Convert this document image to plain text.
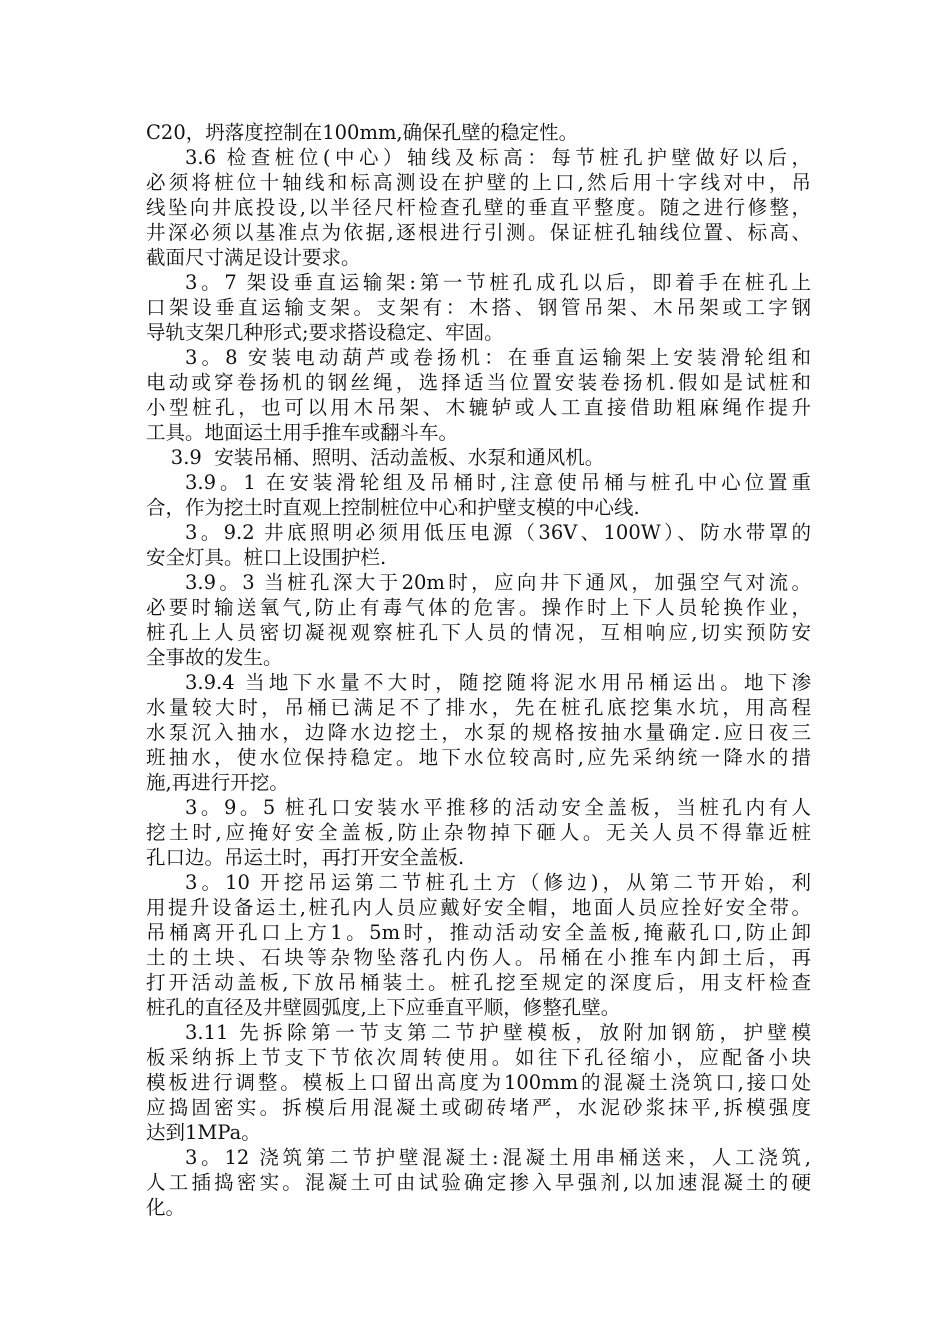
C20，坍落度控制在100mm,确保孔壁的稳定性。
3.6 检查桩位(中心）轴线及标高：每节桩孔护壁做好以后，
必须将桩位十轴线和标高测设在护壁的上口,然后用十字线对中，吊
线坠向井底投设,以半径尺杆检查孔壁的垂直平整度。随之进行修整，
井深必须以基准点为依据,逐根进行引测。保证桩孔轴线位置、标高、
截面尺寸满足设计要求。
3。7 架设垂直运输架:第一节桩孔成孔以后，即着手在桩孔上
口架设垂直运输支架。支架有：木搭、钢管吊架、木吊架或工字钢
导轨支架几种形式;要求搭设稳定、牢固。
3。8 安装电动葫芦或卷扬机：在垂直运输架上安装滑轮组和
电动或穿卷扬机的钢丝绳，选择适当位置安装卷扬机.假如是试桩和
小型桩孔，也可以用木吊架、木辘轳或人工直接借助粗麻绳作提升
工具。地面运土用手推车或翻斗车。
3.9  安装吊桶、照明、活动盖板、水泵和通风机。
3.9。1 在安装滑轮组及吊桶时,注意使吊桶与桩孔中心位置重
合，作为挖土时直观上控制桩位中心和护壁支模的中心线.
3。9.2 井底照明必须用低压电源（36V、100W）、防水带罩的
安全灯具。桩口上设围护栏.
3.9。3 当桩孔深大于20m时，应向井下通风，加强空气对流。
必要时输送氧气,防止有毒气体的危害。操作时上下人员轮换作业，
桩孔上人员密切凝视观察桩孔下人员的情况，互相响应,切实预防安
全事故的发生。
3.9.4 当地下水量不大时，随挖随将泥水用吊桶运出。地下渗
水量较大时，吊桶已满足不了排水，先在桩孔底挖集水坑，用高程
水泵沉入抽水，边降水边挖土，水泵的规格按抽水量确定.应日夜三
班抽水，使水位保持稳定。地下水位较高时,应先采纳统一降水的措
施,再进行开挖。
3。9。5 桩孔口安装水平推移的活动安全盖板，当桩孔内有人
挖土时,应掩好安全盖板,防止杂物掉下砸人。无关人员不得靠近桩
孔口边。吊运土时，再打开安全盖板.
3。10 开挖吊运第二节桩孔土方（修边)，从第二节开始，利
用提升设备运土,桩孔内人员应戴好安全帽，地面人员应拴好安全带。
吊桶离开孔口上方1。5m时，推动活动安全盖板,掩蔽孔口,防止卸
土的土块、石块等杂物坠落孔内伤人。吊桶在小推车内卸土后，再
打开活动盖板,下放吊桶装土。桩孔挖至规定的深度后，用支杆检查
桩孔的直径及井壁圆弧度,上下应垂直平顺，修整孔壁。
3.11 先拆除第一节支第二节护壁模板，放附加钢筋，护壁模
板采纳拆上节支下节依次周转使用。如往下孔径缩小，应配备小块
模板进行调整。模板上口留出高度为100mm的混凝土浇筑口,接口处
应捣固密实。拆模后用混凝土或砌砖堵严，水泥砂浆抹平,拆模强度
达到1MPa。
3。12 浇筑第二节护壁混凝土:混凝土用串桶送来，人工浇筑,
人工插捣密实。混凝土可由试验确定掺入早强剂,以加速混凝土的硬
化。
